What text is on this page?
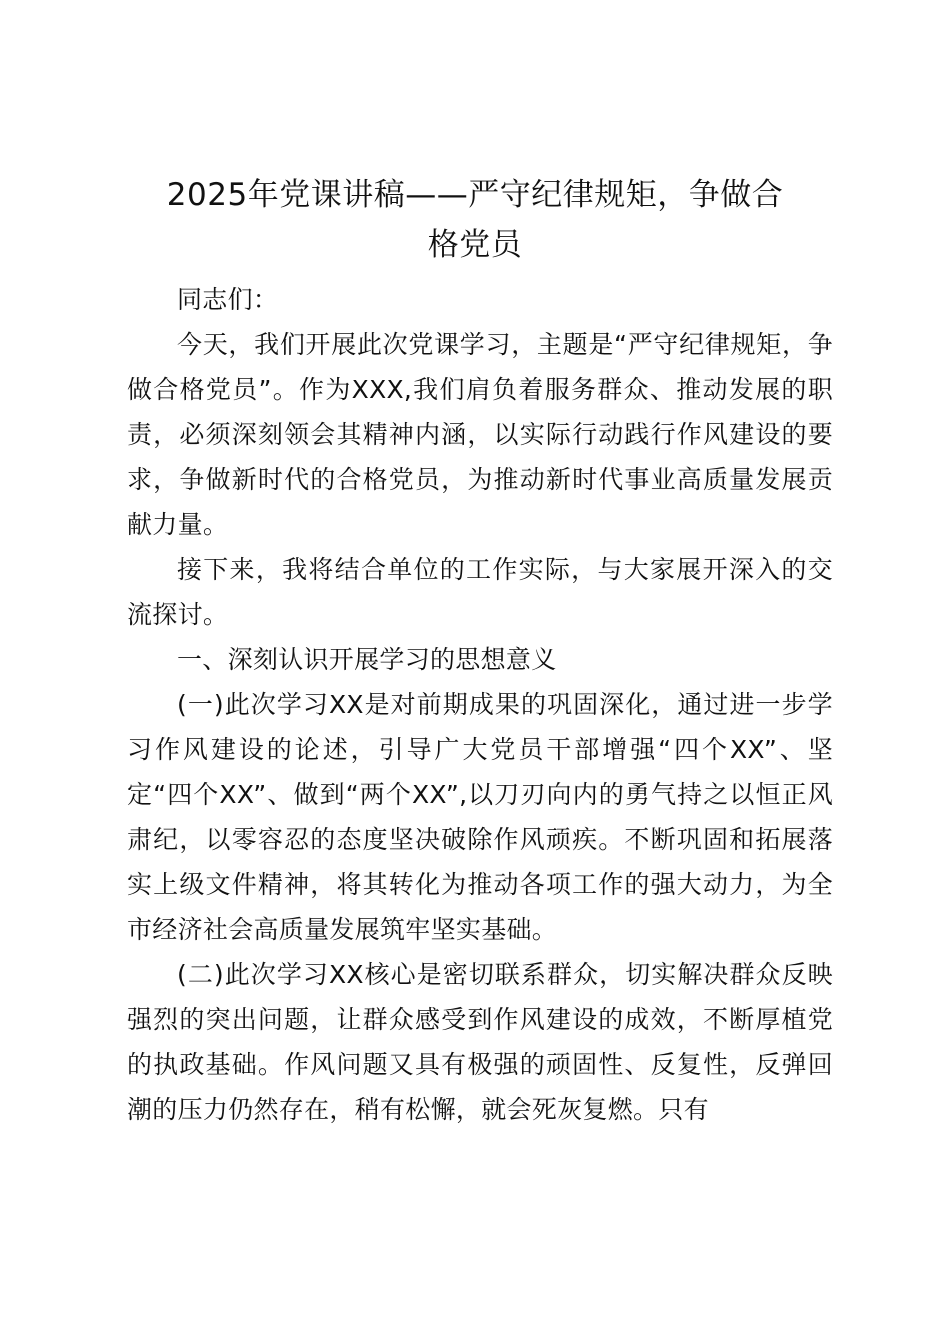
2025年党课讲稿——严守纪律规矩，争做合
格党员

同志们：

今天，我们开展此次党课学习，主题是“严守纪律规矩，争做合格党员”。作为XXX,我们肩负着服务群众、推动发展的职责，必须深刻领会其精神内涵，以实际行动践行作风建设的要求，争做新时代的合格党员，为推动新时代事业高质量发展贡献力量。

接下来，我将结合单位的工作实际，与大家展开深入的交流探讨。

一、深刻认识开展学习的思想意义

(一)此次学习XX是对前期成果的巩固深化，通过进一步学习作风建设的论述，引导广大党员干部增强“四个XX”、坚定“四个XX”、做到“两个XX”,以刀刃向内的勇气持之以恒正风肃纪，以零容忍的态度坚决破除作风顽疾。不断巩固和拓展落实上级文件精神，将其转化为推动各项工作的强大动力，为全市经济社会高质量发展筑牢坚实基础。

(二)此次学习XX核心是密切联系群众，切实解决群众反映强烈的突出问题，让群众感受到作风建设的成效，不断厚植党的执政基础。作风问题又具有极强的顽固性、反复性，反弹回潮的压力仍然存在，稍有松懈，就会死灰复燃。只有
